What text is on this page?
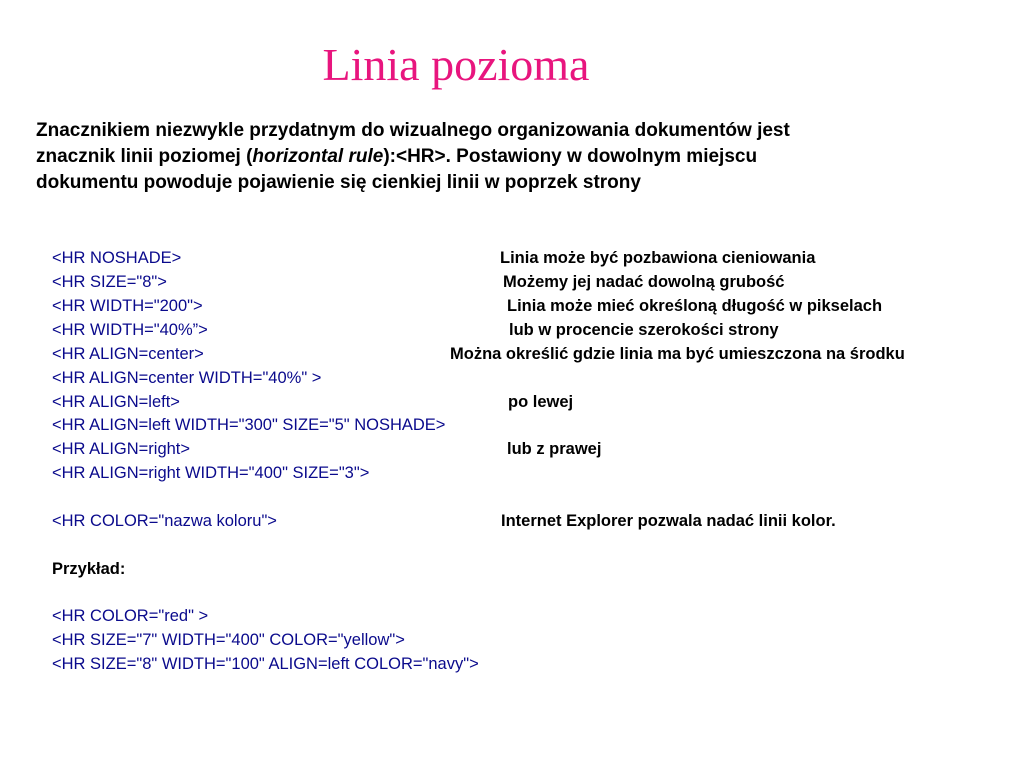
Linia pozioma
Znacznikiem niezwykle przydatnym do wizualnego organizowania dokumentów jest
znacznik linii poziomej (horizontal rule):<HR>. Postawiony w dowolnym miejscu
dokumentu powoduje pojawienie się cienkiej linii w poprzek strony
<HR NOSHADE>	Linia może być pozbawiona cieniowania
<HR SIZE="8">	Możemy jej nadać dowolną grubość
<HR WIDTH="200">	Linia może mieć określoną długość w pikselach
<HR WIDTH="40%”>	lub w procencie szerokości strony
<HR ALIGN=center>	Można określić gdzie linia ma być umieszczona na środku
<HR ALIGN=center WIDTH="40%" >
<HR ALIGN=left>	po lewej
<HR ALIGN=left WIDTH="300" SIZE="5" NOSHADE>
<HR ALIGN=right>	lub z prawej
<HR ALIGN=right WIDTH="400" SIZE="3">
<HR COLOR="nazwa koloru">	Internet Explorer pozwala nadać linii kolor.
Przykład:
<HR COLOR="red" >
<HR SIZE="7" WIDTH="400" COLOR="yellow">
<HR SIZE="8" WIDTH="100" ALIGN=left COLOR="navy">
